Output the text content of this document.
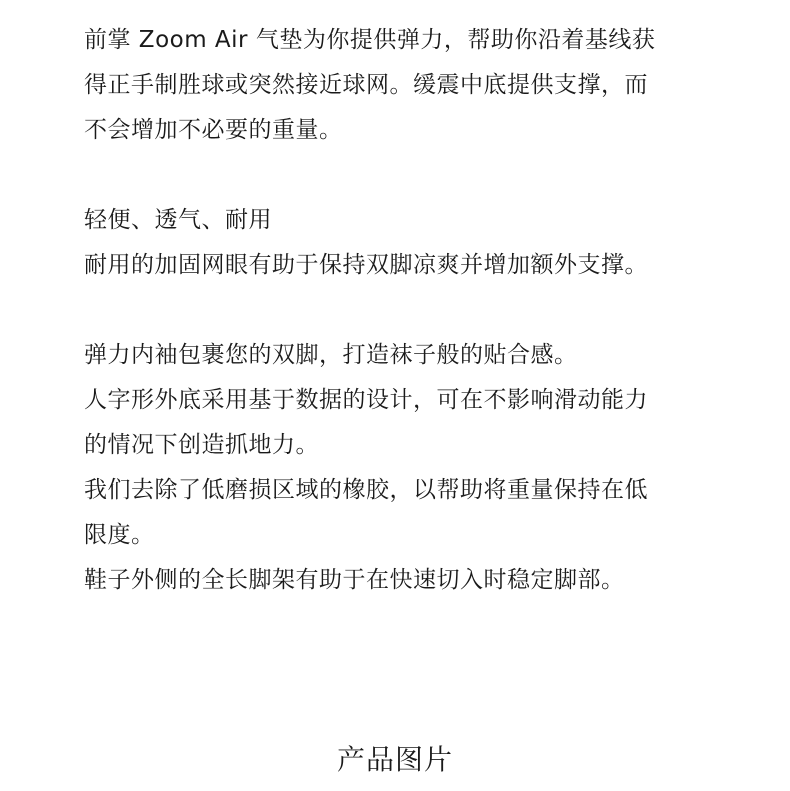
前掌 Zoom Air 气垫为你提供弹力，帮助你沿着基线获
得正手制胜球或突然接近球网。缓震中底提供支撑，而
不会增加不必要的重量。
轻便、透气、耐用
耐用的加固网眼有助于保持双脚凉爽并增加额外支撑。
弹力内袖包裹您的双脚，打造袜子般的贴合感。
人字形外底采用基于数据的设计，可在不影响滑动能力
的情况下创造抓地力。
我们去除了低磨损区域的橡胶，以帮助将重量保持在低
限度。
鞋子外侧的全长脚架有助于在快速切入时稳定脚部。
产品图片
